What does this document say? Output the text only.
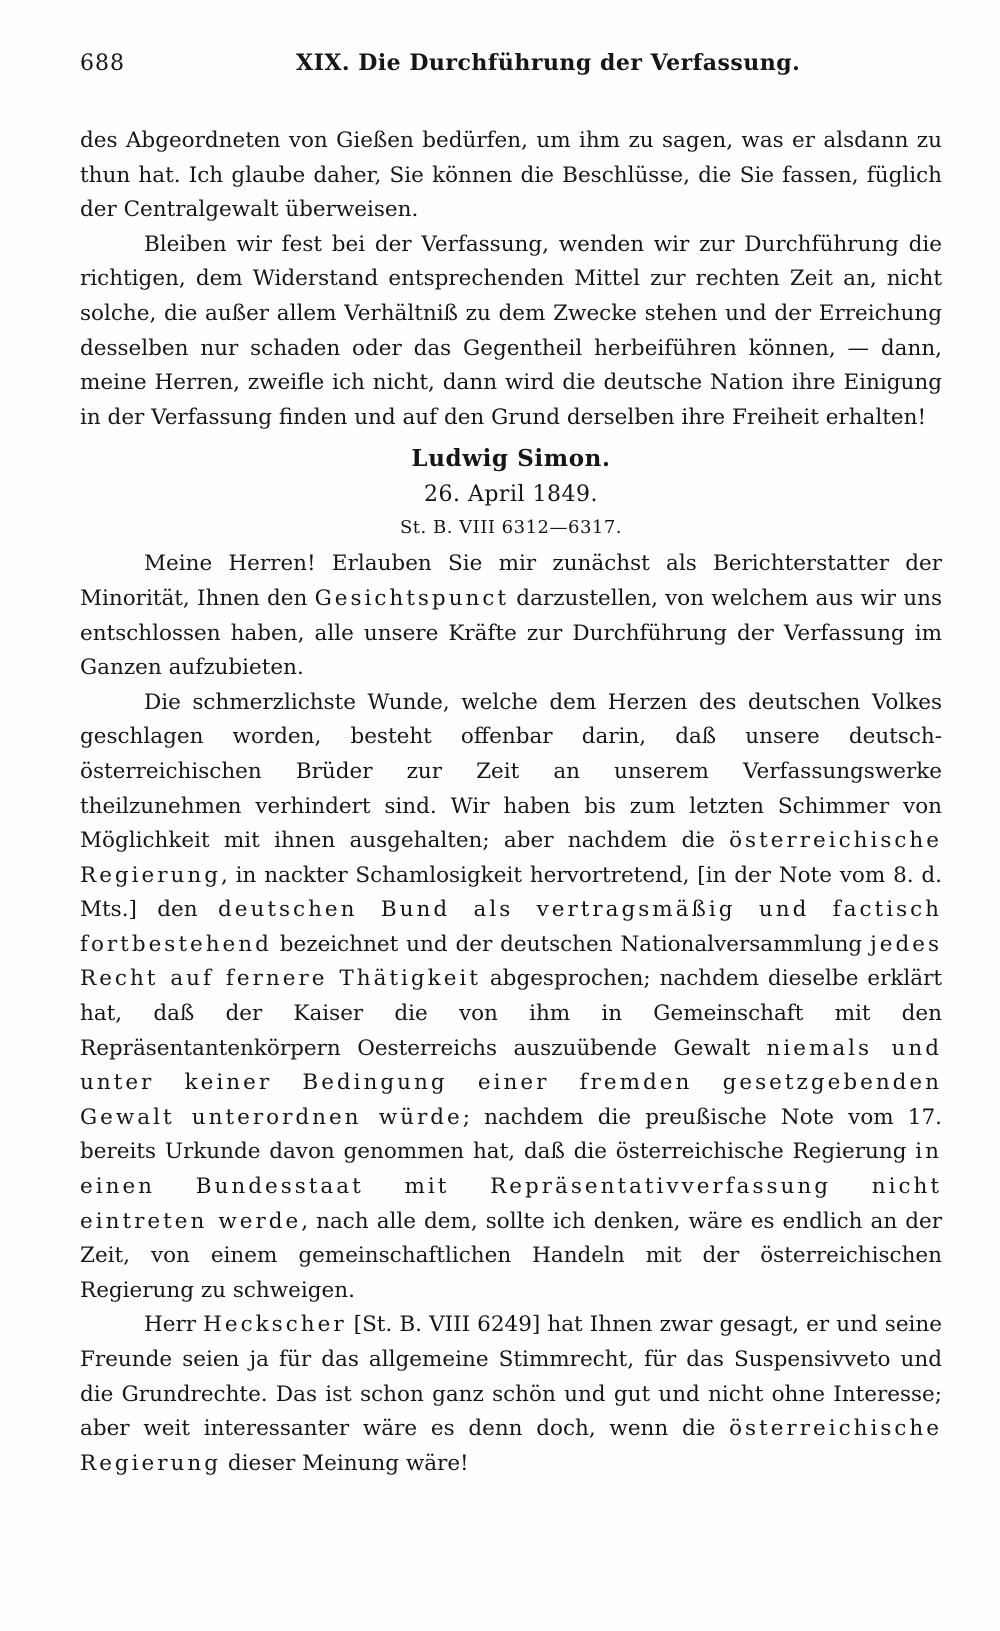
688	XIX. Die Durchführung der Verfassung.

des Abgeordneten von Gießen bedürfen, um ihm zu sagen, was er alsdann zu thun hat. Ich glaube daher, Sie können die Beschlüsse, die Sie fassen, füglich der Centralgewalt überweisen.

Bleiben wir fest bei der Verfassung, wenden wir zur Durchführung die richtigen, dem Widerstand entsprechenden Mittel zur rechten Zeit an, nicht solche, die außer allem Verhältniß zu dem Zwecke stehen und der Erreichung desselben nur schaden oder das Gegentheil herbeiführen können, — dann, meine Herren, zweifle ich nicht, dann wird die deutsche Nation ihre Einigung in der Verfassung finden und auf den Grund derselben ihre Freiheit erhalten!

Ludwig Simon.
26. April 1849.
St. B. VIII 6312—6317.

Meine Herren! Erlauben Sie mir zunächst als Berichterstatter der Minorität, Ihnen den Gesichtspunct darzustellen, von welchem aus wir uns entschlossen haben, alle unsere Kräfte zur Durchführung der Verfassung im Ganzen aufzubieten.

Die schmerzlichste Wunde, welche dem Herzen des deutschen Volkes geschlagen worden, besteht offenbar darin, daß unsere deutsch-österreichischen Brüder zur Zeit an unserem Verfassungswerke theilzunehmen verhindert sind. Wir haben bis zum letzten Schimmer von Möglichkeit mit ihnen ausgehalten; aber nachdem die österreichische Regierung, in nackter Schamlosigkeit hervortretend, [in der Note vom 8. d. Mts.] den deutschen Bund als vertragsmäßig und factisch fortbestehend bezeichnet und der deutschen Nationalversammlung jedes Recht auf fernere Thätigkeit abgesprochen; nachdem dieselbe erklärt hat, daß der Kaiser die von ihm in Gemeinschaft mit den Repräsentantenkörpern Oesterreichs auszuübende Gewalt niemals und unter keiner Bedingung einer fremden gesetzgebenden Gewalt unterordnen würde; nachdem die preußische Note vom 17. bereits Urkunde davon genommen hat, daß die österreichische Regierung in einen Bundesstaat mit Repräsentativverfassung nicht eintreten werde, nach alle dem, sollte ich denken, wäre es endlich an der Zeit, von einem gemeinschaftlichen Handeln mit der österreichischen Regierung zu schweigen.

Herr Heckscher [St. B. VIII 6249] hat Ihnen zwar gesagt, er und seine Freunde seien ja für das allgemeine Stimmrecht, für das Suspensivveto und die Grundrechte. Das ist schon ganz schön und gut und nicht ohne Interesse; aber weit interessanter wäre es denn doch, wenn die österreichische Regierung dieser Meinung wäre!
